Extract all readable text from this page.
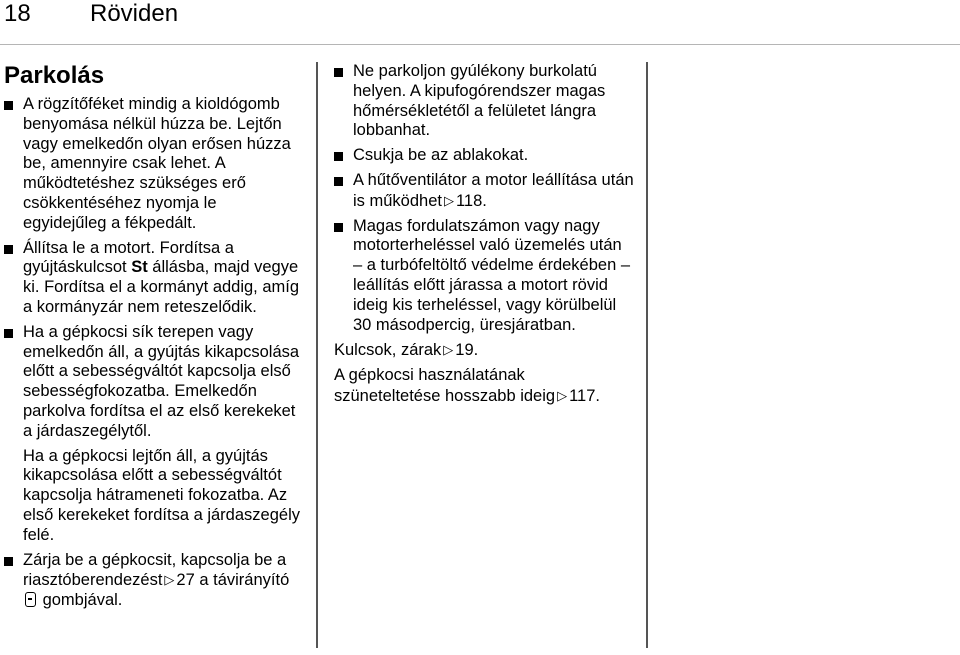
18 Röviden
Parkolás
A rögzítőféket mindig a kioldógomb benyomása nélkül húzza be. Lejtőn vagy emelkedőn olyan erősen húzza be, amennyire csak lehet. A működtetéshez szükséges erő csökkentéséhez nyomja le egyidejűleg a fékpedált.
Állítsa le a motort. Fordítsa a gyújtáskulcsot St állásba, majd vegye ki. Fordítsa el a kormányt addig, amíg a kormányzár nem reteszelődik.
Ha a gépkocsi sík terepen vagy emelkedőn áll, a gyújtás kikapcsolása előtt a sebességváltót kapcsolja első sebességfokozatba. Emelkedőn parkolva fordítsa el az első kerekeket a járdaszegélytől.
Ha a gépkocsi lejtőn áll, a gyújtás kikapcsolása előtt a sebességváltót kapcsolja hátrameneti fokozatba. Az első kerekeket fordítsa a járdaszegély felé.
Zárja be a gépkocsit, kapcsolja be a riasztóberendezést ▷ 27 a távirányító  gombjával.
Ne parkoljon gyúlékony burkolatú helyen. A kipufogórendszer magas hőmérsékletétől a felületet lángra lobbanhat.
Csukja be az ablakokat.
A hűtőventilátor a motor leállítása után is működhet ▷ 118.
Magas fordulatszámon vagy nagy motorterheléssel való üzemelés után – a turbófeltöltő védelme érdekében – leállítás előtt járassa a motort rövid ideig kis terheléssel, vagy körülbelül 30 másodpercig, üresjáratban.
Kulcsok, zárak ▷ 19.
A gépkocsi használatának szüneteltetése hosszabb ideig ▷ 117.
